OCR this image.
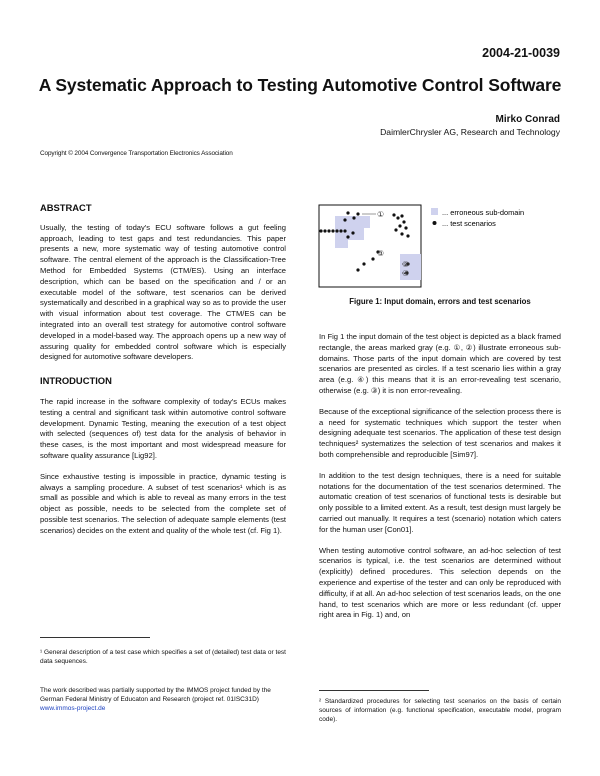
2004-21-0039
A Systematic Approach to Testing Automotive Control Software
Mirko Conrad
DaimlerChrysler AG, Research and Technology
Copyright © 2004 Convergence Transportation Electronics Association
ABSTRACT

Usually, the testing of today's ECU software follows a gut feeling approach, leading to test gaps and test redundancies. This paper presents a new, more systematic way of testing automotive control software. The central element of the approach is the Classification-Tree Method for Embedded Systems (CTM/ES). Using an interface description, which can be based on the specification and / or an executable model of the software, test scenarios can be derived systematically and described in a graphical way so as to provide the user with visual information about test coverage. The CTM/ES can be integrated into an overall test strategy for automotive control software developed in a model-based way. The approach opens up a new way of assuring quality for embedded control software which is especially designed for automotive software developers.

INTRODUCTION

The rapid increase in the software complexity of today's ECUs makes testing a central and significant task within automotive control software development. Dynamic Testing, meaning the execution of a test object with selected (sequences of) test data for the analysis of behavior in these cases, is the most important and most widespread measure for software quality assurance [Lig92].

Since exhaustive testing is impossible in practice, dynamic testing is always a sampling procedure. A subset of test scenarios¹ which is as small as possible and which is able to reveal as many errors in the test object as possible, needs to be selected from the complete set of possible test scenarios. The selection of adequate sample elements (test scenarios) decides on the extent and quality of the whole test (cf. Fig 1).

¹ General description of a test case which specifies a set of (detailed) test data or test data sequences.
The work described was partially supported by the IMMOS project funded by the German Federal Ministry of Educaton and Research (project ref. 01ISC31D)
www.immos-project.de
①
②
③
④
... erroneous sub-domain
... test scenarios
Figure 1: Input domain, errors and test scenarios

In Fig 1 the input domain of the test object is depicted as a black framed rectangle, the areas marked gray (e.g. ①, ②) illustrate erroneous sub-domains. Those parts of the input domain which are covered by test scenarios are presented as circles. If a test scenario lies within a gray area (e.g. ④) this means that it is an error-revealing test scenario, otherwise (e.g. ③) it is non error-revealing.

Because of the exceptional significance of the selection process there is a need for systematic techniques which support the tester when designing adequate test scenarios. The application of these test design techniques² systematizes the selection of test scenarios and makes it both comprehensible and reproducible [Sim97].

In addition to the test design techniques, there is a need for suitable notations for the documentation of the test scenarios determined. The automatic creation of test scenarios of functional tests is desirable but only possible to a limited extent. As a result, test design must largely be carried out manually. It requires a test (scenario) notation which caters for the human user [Con01].

When testing automotive control software, an ad-hoc selection of test scenarios is typical, i.e. the test scenarios are determined without (explicitly) defined procedures. This selection depends on the experience and expertise of the tester and can only be reproduced with difficulty, if at all. An ad-hoc selection of test scenarios leads, on the one hand, to test scenarios which are more or less redundant (cf. upper right area in Fig. 1) and, on

² Standardized procedures for selecting test scenarios on the basis of certain sources of information (e.g. functional specification, executable model, program code).
